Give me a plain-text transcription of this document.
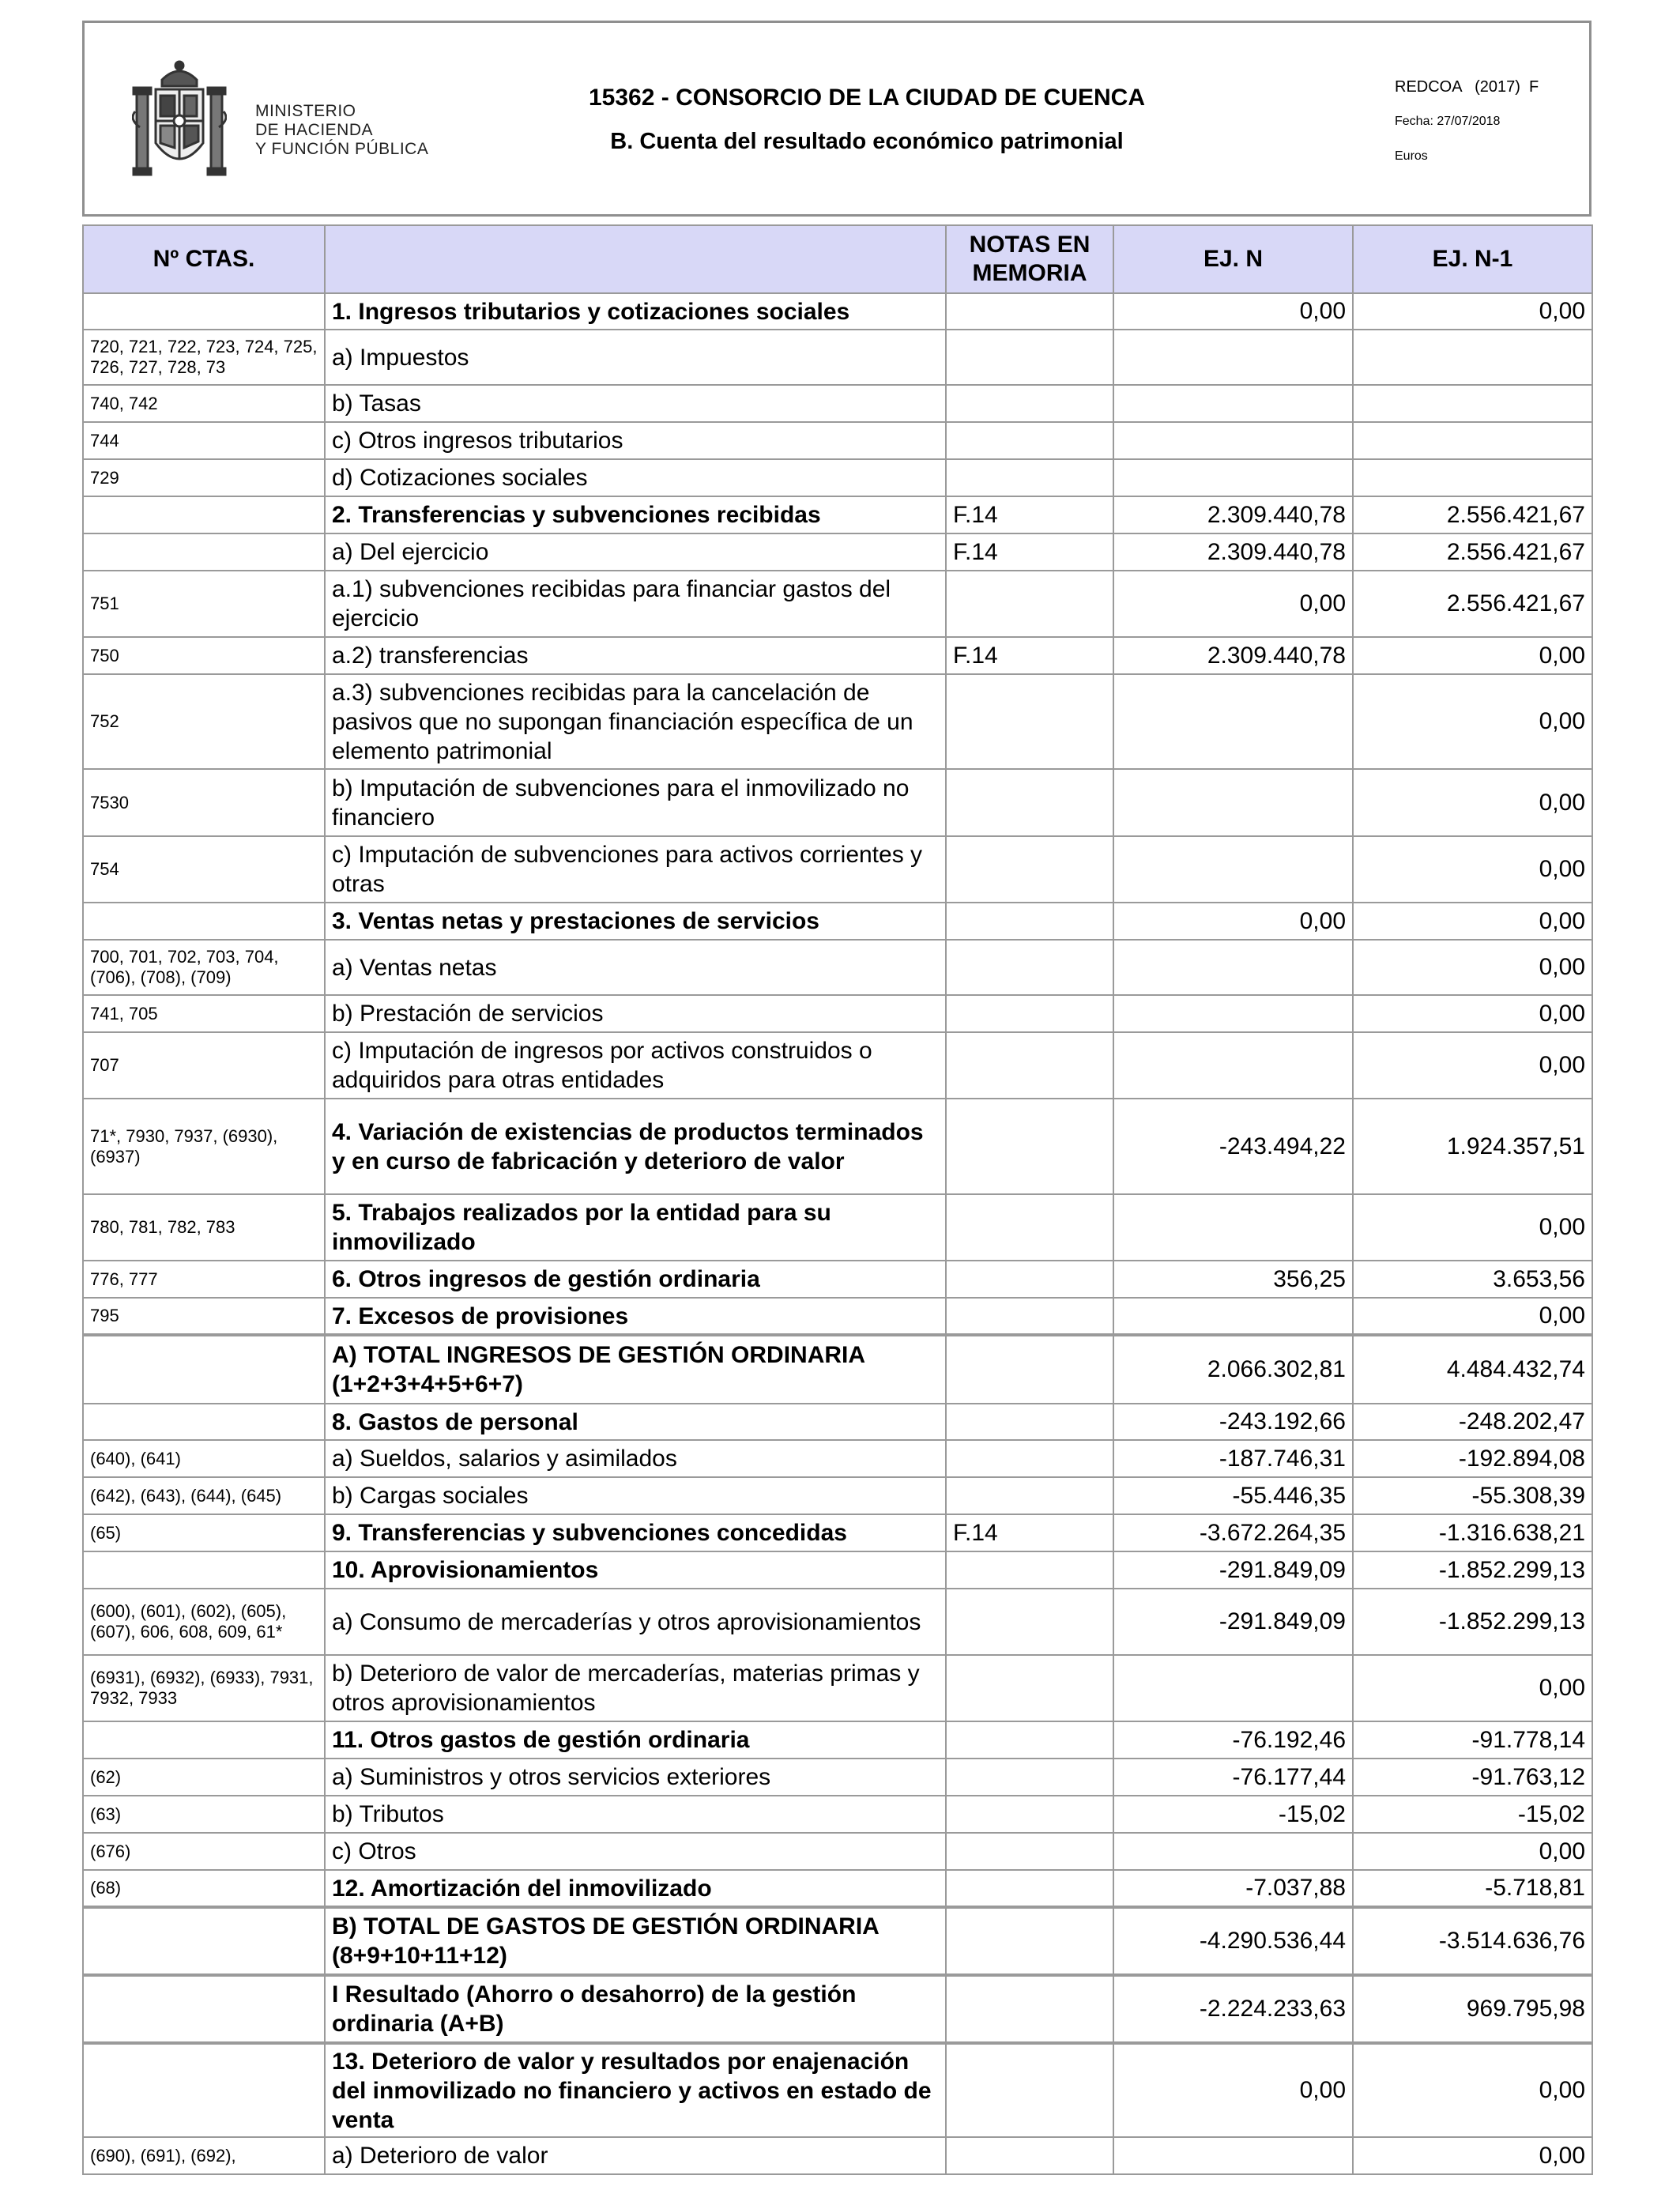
MINISTERIO
DE HACIENDA
Y FUNCIÓN PÚBLICA
15362 - CONSORCIO DE LA CIUDAD DE CUENCA
B. Cuenta del resultado económico patrimonial
REDCOA   (2017)  F
Fecha: 27/07/2018
Euros
Nº CTAS.		NOTAS EN MEMORIA	EJ. N	EJ. N-1
	1. Ingresos tributarios y cotizaciones sociales		0,00	0,00
720, 721, 722, 723, 724, 725, 726, 727, 728, 73	a) Impuestos			
740, 742	b) Tasas			
744	c) Otros ingresos tributarios			
729	d) Cotizaciones sociales			
	2. Transferencias y subvenciones recibidas	F.14	2.309.440,78	2.556.421,67
	a) Del ejercicio	F.14	2.309.440,78	2.556.421,67
751	a.1) subvenciones recibidas para financiar gastos del ejercicio		0,00	2.556.421,67
750	a.2) transferencias	F.14	2.309.440,78	0,00
752	a.3) subvenciones recibidas para la cancelación de pasivos que no supongan financiación específica de un elemento patrimonial			0,00
7530	b) Imputación de subvenciones para el inmovilizado no financiero			0,00
754	c) Imputación de subvenciones para activos corrientes y otras			0,00
	3. Ventas netas y prestaciones de servicios		0,00	0,00
700, 701, 702, 703, 704, (706), (708), (709)	a) Ventas netas			0,00
741, 705	b) Prestación de servicios			0,00
707	c) Imputación de ingresos por activos construidos o adquiridos para otras entidades			0,00
71*, 7930, 7937, (6930), (6937)	4. Variación de existencias de productos terminados y en curso de fabricación y deterioro de valor		-243.494,22	1.924.357,51
780, 781, 782, 783	5. Trabajos realizados por la entidad para su inmovilizado			0,00
776, 777	6. Otros ingresos de gestión ordinaria		356,25	3.653,56
795	7. Excesos de provisiones			0,00
	A) TOTAL INGRESOS DE GESTIÓN ORDINARIA (1+2+3+4+5+6+7)		2.066.302,81	4.484.432,74
	8. Gastos de personal		-243.192,66	-248.202,47
(640), (641)	a) Sueldos, salarios y asimilados		-187.746,31	-192.894,08
(642), (643), (644), (645)	b) Cargas sociales		-55.446,35	-55.308,39
(65)	9. Transferencias y subvenciones concedidas	F.14	-3.672.264,35	-1.316.638,21
	10. Aprovisionamientos		-291.849,09	-1.852.299,13
(600), (601), (602), (605), (607), 606, 608, 609, 61*	a) Consumo de mercaderías y otros aprovisionamientos		-291.849,09	-1.852.299,13
(6931), (6932), (6933), 7931, 7932, 7933	b) Deterioro de valor de mercaderías, materias primas y otros aprovisionamientos			0,00
	11. Otros gastos de gestión ordinaria		-76.192,46	-91.778,14
(62)	a) Suministros y otros servicios exteriores		-76.177,44	-91.763,12
(63)	b) Tributos		-15,02	-15,02
(676)	c) Otros			0,00
(68)	12. Amortización del inmovilizado		-7.037,88	-5.718,81
	B) TOTAL DE GASTOS DE GESTIÓN ORDINARIA (8+9+10+11+12)		-4.290.536,44	-3.514.636,76
	I Resultado (Ahorro o desahorro) de la gestión ordinaria (A+B)		-2.224.233,63	969.795,98
	13. Deterioro de valor y resultados por enajenación del inmovilizado no financiero y activos en estado de venta		0,00	0,00
(690), (691), (692),	a) Deterioro de valor			0,00
